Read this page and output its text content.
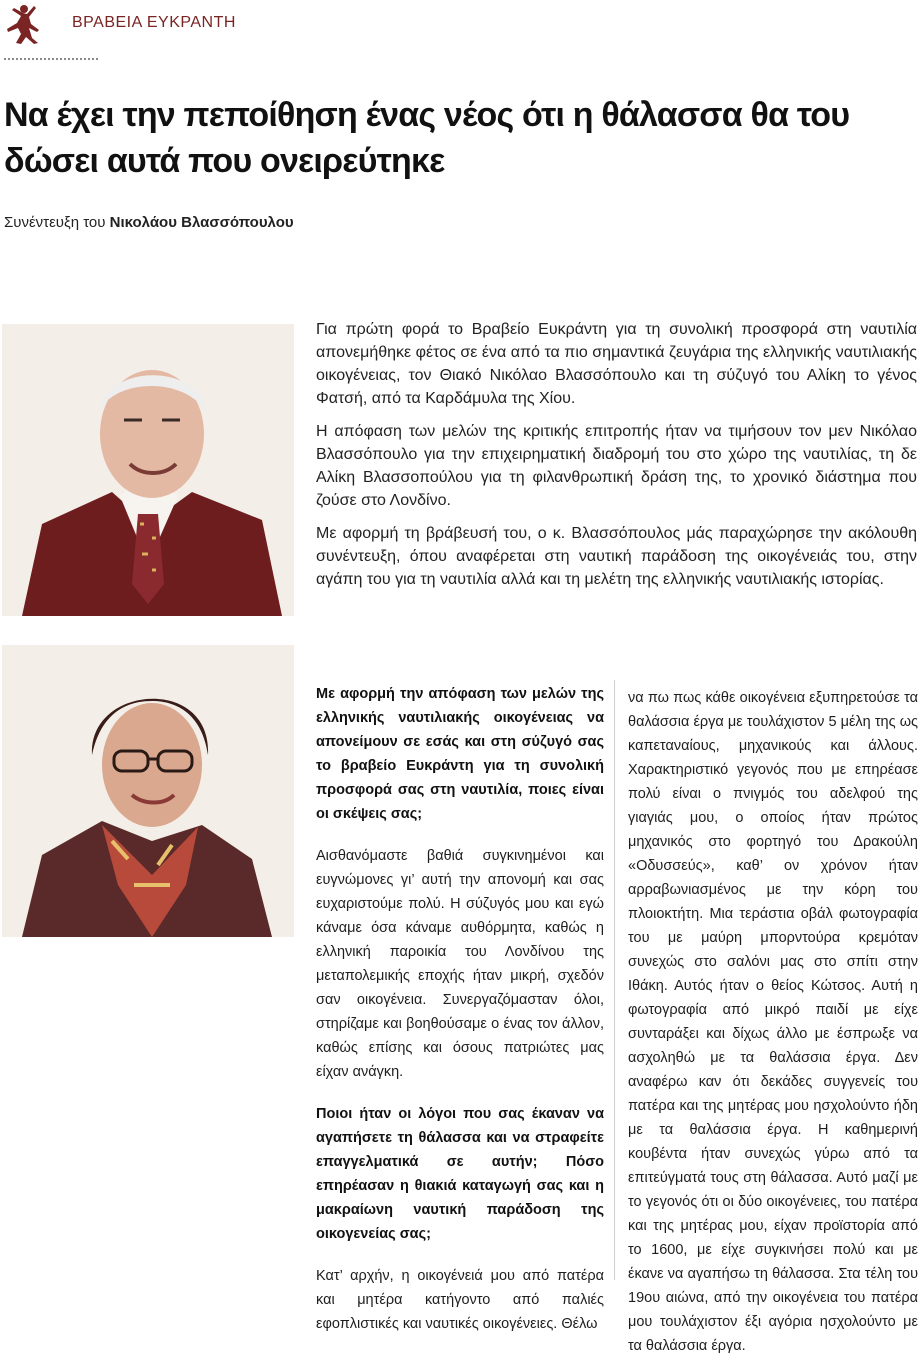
ΒΡΑΒΕΙΑ ΕΥΚΡΑΝΤΗ
Να έχει την πεποίθηση ένας νέος ότι η θάλασσα θα του δώσει αυτά που ονειρεύτηκε
Συνέντευξη του Νικολάου Βλασσόπουλου

Για πρώτη φορά το Βραβείο Ευκράντη για τη συνολική προσφορά στη ναυτιλία απονεμήθηκε φέτος σε ένα από τα πιο σημαντικά ζευγάρια της ελληνικής ναυτιλιακής οικογένειας, τον Θιακό Νικόλαο Βλασσόπουλο και τη σύζυγό του Αλίκη το γένος Φατσή, από τα Καρδάμυλα της Χίου.

Η απόφαση των μελών της κριτικής επιτροπής ήταν να τιμήσουν τον μεν Νικόλαο Βλασσόπουλο για την επιχειρηματική διαδρομή του στο χώρο της ναυτιλίας, τη δε Αλίκη Βλασσοπούλου για τη φιλανθρωπική δράση της, το χρονικό διάστημα που ζούσε στο Λονδίνο.

Με αφορμή τη βράβευσή του, ο κ. Βλασσόπουλος μάς παραχώρησε την ακόλουθη συνέντευξη, όπου αναφέρεται στη ναυτική παράδοση της οικογένειάς του, στην αγάπη του για τη ναυτιλία αλλά και τη μελέτη της ελληνικής ναυτιλιακής ιστορίας.

Με αφορμή την απόφαση των μελών της ελληνικής ναυτιλιακής οικογένειας να απονείμουν σε εσάς και στη σύζυγό σας το βραβείο Ευκράντη για τη συνολική προσφορά σας στη ναυτιλία, ποιες είναι οι σκέψεις σας;

Αισθανόμαστε βαθιά συγκινημένοι και ευγνώμονες γι’ αυτή την απονομή και σας ευχαριστούμε πολύ. Η σύζυγός μου και εγώ κάναμε όσα κάναμε αυθόρμητα, καθώς η ελληνική παροικία του Λονδίνου της μεταπολεμικής εποχής ήταν μικρή, σχεδόν σαν οικογένεια. Συνεργαζόμασταν όλοι, στηρίζαμε και βοηθούσαμε ο ένας τον άλλον, καθώς επίσης και όσους πατριώτες μας είχαν ανάγκη.

Ποιοι ήταν οι λόγοι που σας έκαναν να αγαπήσετε τη θάλασσα και να στραφείτε επαγγελματικά σε αυτήν; Πόσο επηρέασαν η θιακιά καταγωγή σας και η μακραίωνη ναυτική παράδοση της οικογενείας σας;

Κατ’ αρχήν, η οικογένειά μου από πατέρα και μητέρα κατήγοντο από παλιές εφοπλιστικές και ναυτικές οικογένειες. Θέλω

να πω πως κάθε οικογένεια εξυπηρετούσε τα θαλάσσια έργα με τουλάχιστον 5 μέλη της ως καπεταναίους, μηχανικούς και άλλους. Χαρακτηριστικό γεγονός που με επηρέασε πολύ είναι ο πνιγμός του αδελφού της γιαγιάς μου, ο οποίος ήταν πρώτος μηχανικός στο φορτηγό του Δρακούλη «Οδυσσεύς», καθ’ ον χρόνον ήταν αρραβωνιασμένος με την κόρη του πλοιοκτήτη. Μια τεράστια οβάλ φωτογραφία του με μαύρη μπορντούρα κρεμόταν συνεχώς στο σαλόνι μας στο σπίτι στην Ιθάκη. Αυτός ήταν ο θείος Κώτσος. Αυτή η φωτογραφία από μικρό παιδί με είχε συνταράξει και δίχως άλλο με έσπρωξε να ασχοληθώ με τα θαλάσσια έργα. Δεν αναφέρω καν ότι δεκάδες συγγενείς του πατέρα και της μητέρας μου ησχολούντο ήδη με τα θαλάσσια έργα. Η καθημερινή κουβέντα ήταν συνεχώς γύρω από τα επιτεύγματά τους στη θάλασσα. Αυτό μαζί με το γεγονός ότι οι δύο οικογένειες, του πατέρα και της μητέρας μου, είχαν προϊστορία από το 1600, με είχε συγκινήσει πολύ και με έκανε να αγαπήσω τη θάλασσα. Στα τέλη του 19ου αιώνα, από την οικογένεια του πατέρα μου τουλάχιστον έξι αγόρια ησχολούντο με τα θαλάσσια έργα.
